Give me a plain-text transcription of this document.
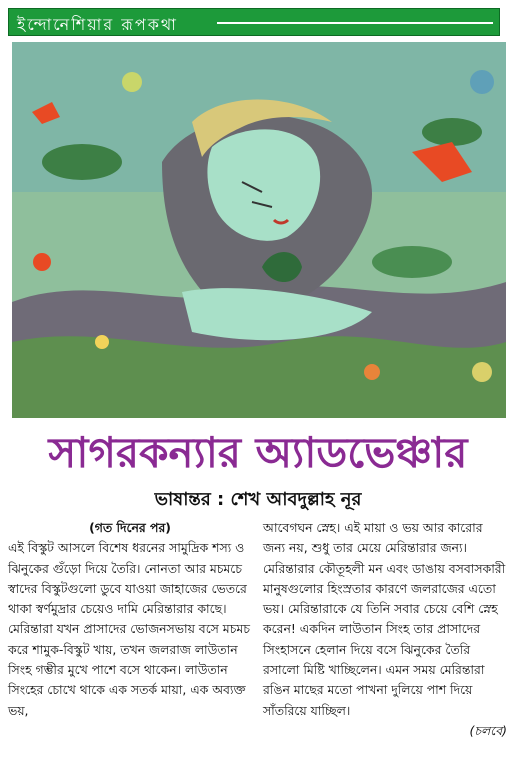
ইন্দোনেশিয়ার রূপকথা
সাগরকন্যার অ্যাডভেঞ্চার
ভাষান্তর : শেখ আবদুল্লাহ নূর

(গত দিনের পর)

এই বিস্কুট আসলে বিশেষ ধরনের সামুদ্রিক শস্য ও ঝিনুকের গুঁড়ো দিয়ে তৈরি। নোনতা আর মচমচে স্বাদের বিস্কুটগুলো ডুবে যাওয়া জাহাজের ভেতরে থাকা স্বর্ণমুদ্রার চেয়েও দামি মেরিন্তারার কাছে।

মেরিন্তারা যখন প্রাসাদের ভোজনসভায় বসে মচমচ করে শামুক-বিস্কুট খায়, তখন জলরাজ লাউতান সিংহ গম্ভীর মুখে পাশে বসে থাকেন। লাউতান সিংহের চোখে থাকে এক সতর্ক মায়া, এক অব্যক্ত ভয়,

আবেগঘন স্নেহ। এই মায়া ও ভয় আর কারোর জন্য নয়, শুধু তার মেয়ে মেরিন্তারার জন্য। মেরিন্তারার কৌতূহলী মন এবং ডাঙায় বসবাসকারী মানুষগুলোর হিংস্রতার কারণে জলরাজের এতো ভয়। মেরিন্তারাকে যে তিনি সবার চেয়ে বেশি স্নেহ করেন! একদিন লাউতান সিংহ তার প্রাসাদের সিংহাসনে হেলান দিয়ে বসে ঝিনুকের তৈরি রসালো মিষ্টি খাচ্ছিলেন। এমন সময় মেরিন্তারা রঙিন মাছের মতো পাখনা দুলিয়ে পাশ দিয়ে সাঁতরিয়ে যাচ্ছিল।

(চলবে)
